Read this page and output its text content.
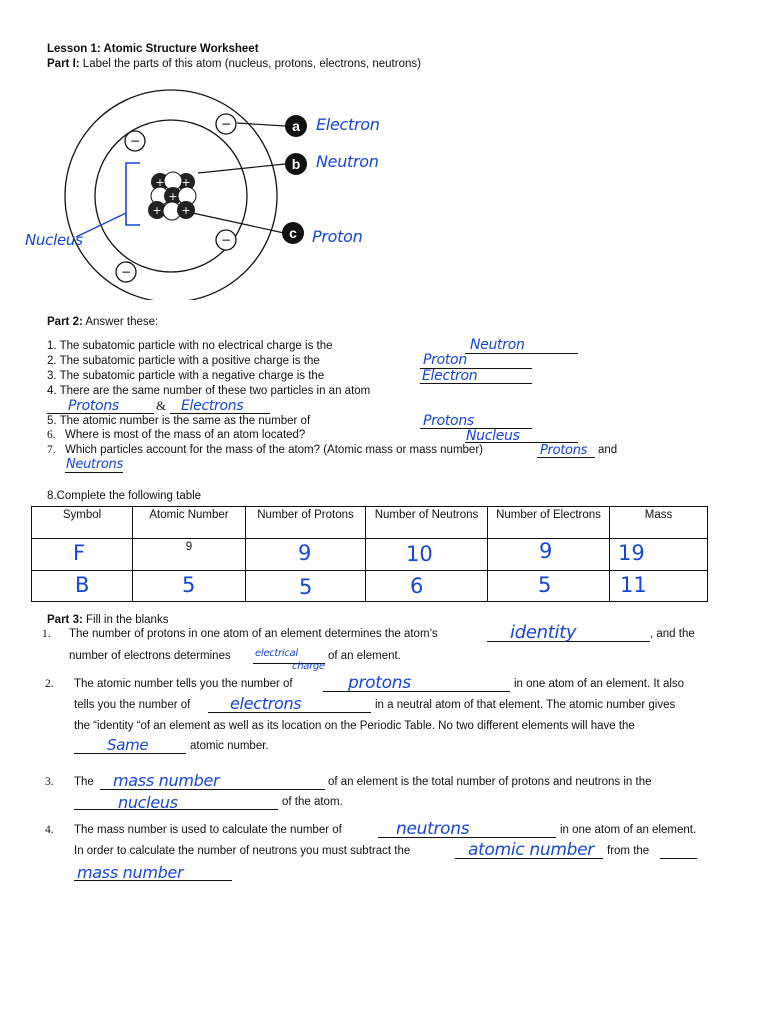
Lesson 1: Atomic Structure Worksheet
Part I: Label the parts of this atom (nucleus, protons, electrons, neutrons)
+ +
+
+ +
−
−
−
−
a
b
c
Electron
Neutron
Proton
Nucleus
Part 2: Answer these:
1. The subatomic particle with no electrical charge is the	Neutron
2. The subatomic particle with a positive charge is the	Proton
3. The subatomic particle with a negative charge is the	Electron
4. There are the same number of these two particles in an atom
Protons	& Electrons
5. The atomic number is the same as the number of	Protons
6. Where is most of the mass of an atom located?	Nucleus
7. Which particles account for the mass of the atom? (Atomic mass or mass number)	Protons and
Neutrons
8.Complete the following table
Symbol	Atomic Number	Number of Protons	Number of Neutrons	Number of Electrons	Mass

F	9	9	10	9	19

B	5	5	6	5	11
Part 3: Fill in the blanks
1. The number of protons in one atom of an element determines the atom’s	identity	, and the
number of electrons determines electrical
charge
of an element.
2. The atomic number tells you the number of	protons	in one atom of an element. It also
tells you the number of electrons	in a neutral atom of that element. The atomic number gives
the “identity “of an element as well as its location on the Periodic Table. No two different elements will have the
Same	atomic number.
3. The mass number	of an element is the total number of protons and neutrons in the
nucleus	of the atom.
4. The mass number is used to calculate the number of	neutrons	in one atom of an element.
In order to calculate the number of neutrons you must subtract the	atomic number from the
mass number
